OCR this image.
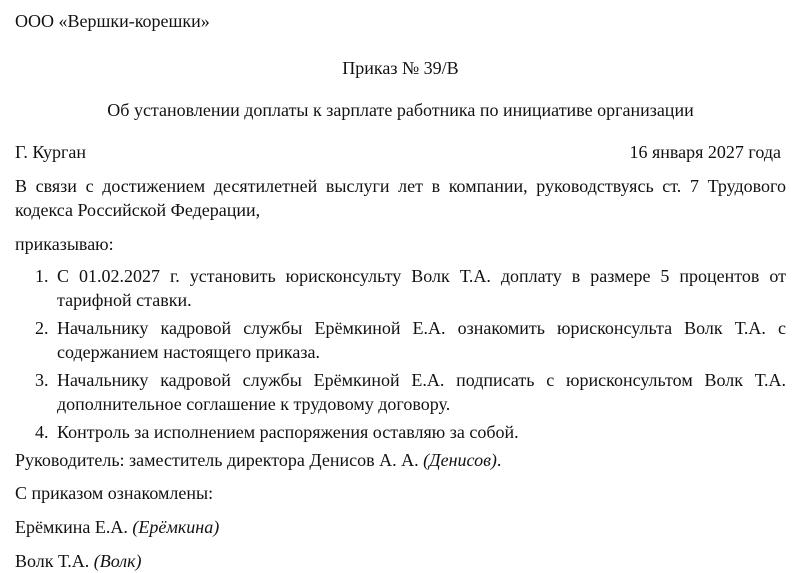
ООО «Вершки-корешки»
Приказ № 39/В
Об установлении доплаты к зарплате работника по инициативе организации
Г. Курган	16 января 2027 года
В связи с достижением десятилетней выслуги лет в компании, руководствуясь ст. 7 Трудового кодекса Российской Федерации,
приказываю:
1. С 01.02.2027 г. установить юрисконсульту Волк Т.А. доплату в размере 5 процентов от тарифной ставки.
2. Начальнику кадровой службы Ерёмкиной Е.А. ознакомить юрисконсульта Волк Т.А. с содержанием настоящего приказа.
3. Начальнику кадровой службы Ерёмкиной Е.А. подписать с юрисконсультом Волк Т.А. дополнительное соглашение к трудовому договору.
4. Контроль за исполнением распоряжения оставляю за собой.
Руководитель: заместитель директора Денисов А. А. (Денисов).
С приказом ознакомлены:
Ерёмкина Е.А. (Ерёмкина)
Волк Т.А. (Волк)
